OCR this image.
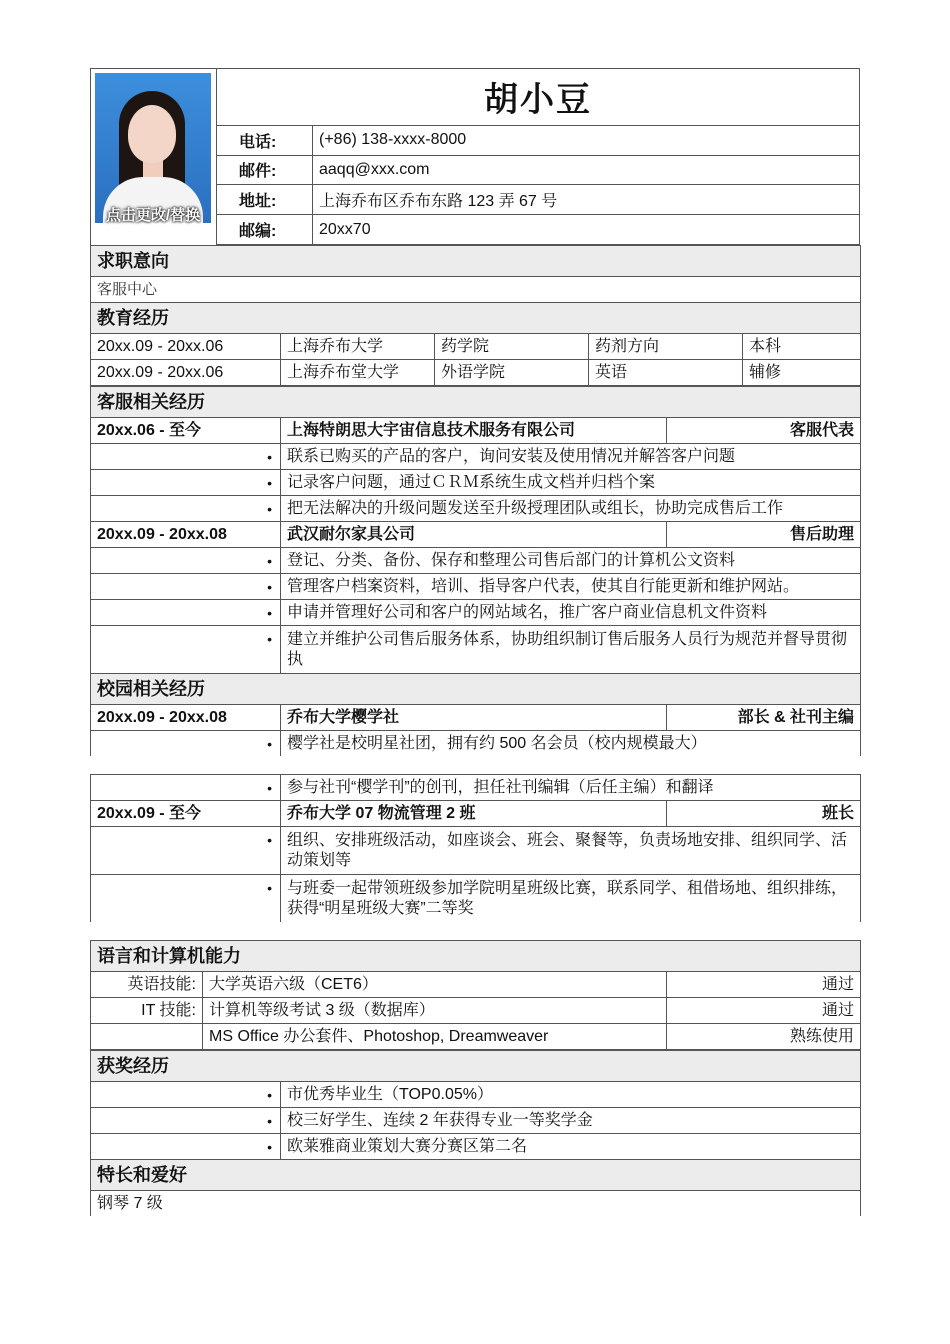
点击更改/替换
胡小豆
电话:	(+86) 138-xxxx-8000
邮件:	aaqq@xxx.com
地址:	上海乔布区乔布东路 123 弄 67 号
邮编:	20xx70
求职意向				
客服中心				
教育经历				
20xx.09 - 20xx.06	上海乔布大学	药学院	药剂方向	本科
20xx.09 - 20xx.06	上海乔布堂大学	外语学院	英语	辅修
客服相关经历		
20xx.06 - 至今	上海特朗思大宇宙信息技术服务有限公司	客服代表
•	联系已购买的产品的客户，询问安装及使用情况并解答客户问题	
•	记录客户问题，通过ＣＲＭ系统生成文档并归档个案	
•	把无法解决的升级问题发送至升级授理团队或组长，协助完成售后工作	
20xx.09 - 20xx.08	武汉耐尔家具公司	售后助理
•	登记、分类、备份、保存和整理公司售后部门的计算机公文资料	
•	管理客户档案资料，培训、指导客户代表，使其自行能更新和维护网站。	
•	申请并管理好公司和客户的网站域名，推广客户商业信息机文件资料	
•	建立并维护公司售后服务体系，协助组织制订售后服务人员行为规范并督导贯彻执	
校园相关经历		
20xx.09 - 20xx.08	乔布大学樱学社	部长 & 社刊主编
•	樱学社是校明星社团，拥有约 500 名会员（校内规模最大）	
•	参与社刊“樱学刊”的创刊，担任社刊编辑（后任主编）和翻译	
20xx.09 - 至今	乔布大学 07 物流管理 2 班	班长
•	组织、安排班级活动，如座谈会、班会、聚餐等，负责场地安排、组织同学、活动策划等	
•	与班委一起带领班级参加学院明星班级比赛，联系同学、租借场地、组织排练，获得“明星班级大赛”二等奖	
语言和计算机能力		
英语技能:	大学英语六级（CET6）	通过
IT 技能:	计算机等级考试 3 级（数据库）	通过
	MS Office 办公套件、Photoshop, Dreamweaver	熟练使用
获奖经历	
•	市优秀毕业生（TOP0.05%）
•	校三好学生、连续 2 年获得专业一等奖学金
•	欧莱雅商业策划大赛分赛区第二名
特长和爱好	
钢琴 7 级	
